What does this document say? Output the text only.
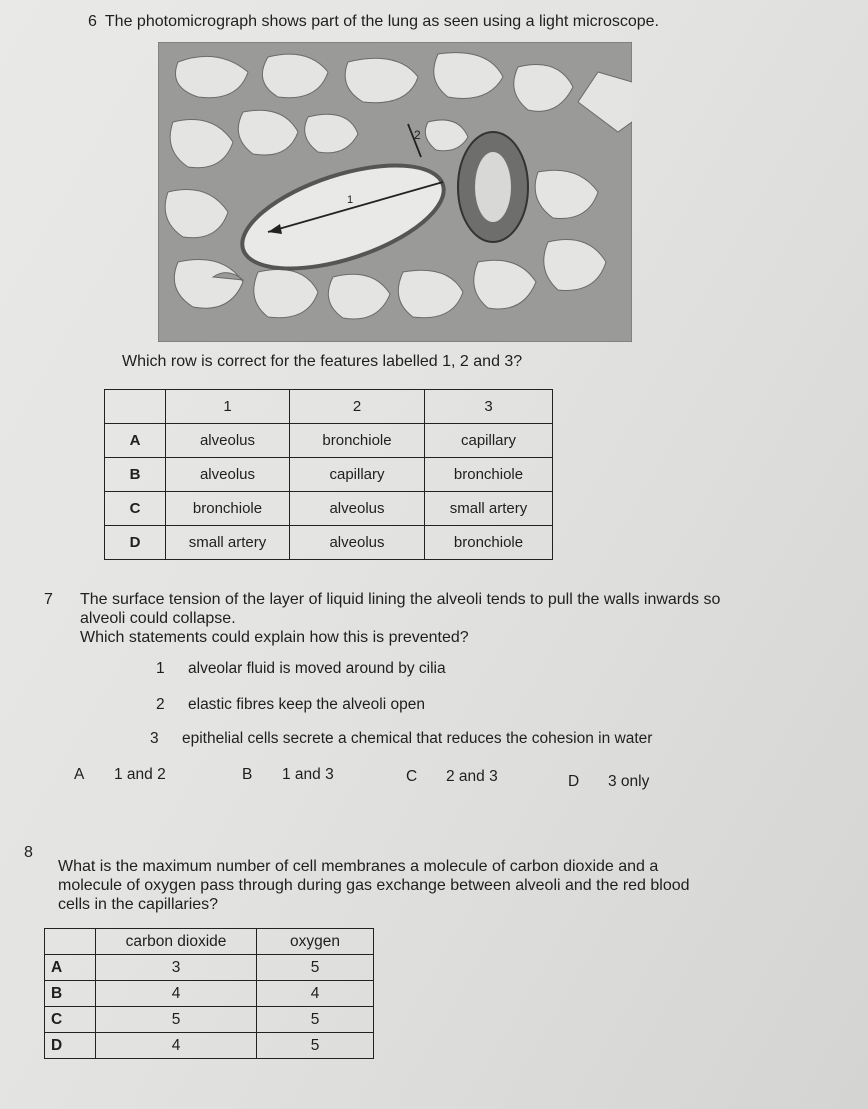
6 The photomicrograph shows part of the lung as seen using a light microscope.
1
2
Which row is correct for the features labelled 1, 2 and 3?
	1	2	3
A	alveolus	bronchiole	capillary
B	alveolus	capillary	bronchiole
C	bronchiole	alveolus	small artery
D	small artery	alveolus	bronchiole
7 The surface tension of the layer of liquid lining the alveoli tends to pull the walls inwards so
alveoli could collapse.
Which statements could explain how this is prevented?
1 alveolar fluid is moved around by cilia
2 elastic fibres keep the alveoli open
3 epithelial cells secrete a chemical that reduces the cohesion in water
A 1 and 2	B 1 and 3	C 2 and 3	D 3 only
8
What is the maximum number of cell membranes a molecule of carbon dioxide and a
molecule of oxygen pass through during gas exchange between alveoli and the red blood
cells in the capillaries?
	carbon dioxide	oxygen
A	3	5
B	4	4
C	5	5
D	4	5
